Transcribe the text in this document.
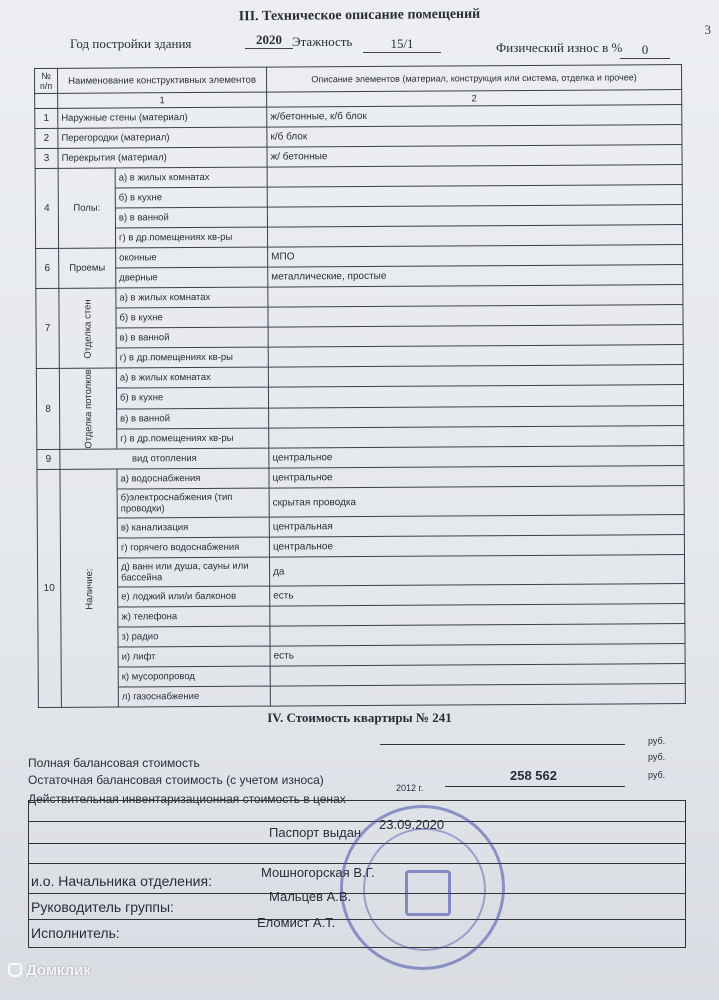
3
III. Техническое описание помещений
Год постройки здания	2020 Этажность	15/1	Физический износ в %	0
№ п/п	Наименование конструктивных элементов		Описание элементов (материал, конструкция или система, отделка и прочее)
	1		2
1	Наружные стены (материал)		ж/бетонные, к/б блок
2	Перегородки (материал)		к/б блок
3	Перекрытия (материал)		ж/ бетонные
4	Полы:	а) в жилых комнатах	
		б) в кухне	
		в) в ванной	
		г) в др.помещениях кв-ры	
6	Проемы	оконные	МПО
		дверные	металлические, простые
7	Отделка стен	а) в жилых комнатах	
		б) в кухне	
		в) в ванной	
		г) в др.помещениях кв-ры	
8	Отделка потолков	а) в жилых комнатах	
		б) в кухне	
		в) в ванной	
		г) в др.помещениях кв-ры	
9	вид отопления		центральное
10	Наличие:	а) водоснабжения	центральное
		б)электроснабжения (тип проводки)	скрытая проводка
		в) канализация	центральная
		г) горячего водоснабжения	центральное
		д) ванн или душа, сауны или бассейна	да
		е) лоджий или/и балконов	есть
		ж) телефона	
		з) радио	
		и) лифт	есть
		к) мусоропровод	
		л) газоснабжение	
IV. Стоимость квартиры № 241
руб.
Полная балансовая стоимость	руб.
Остаточная балансовая стоимость (с учетом износа)	258 562	руб.
Действительная инвентаризационная стоимость в ценах
2012 г.
Паспорт выдан
23.09.2020
и.о. Начальника отделения:
Мошногорская В.Г.
Руководитель группы:
Мальцев А.В.
Исполнитель:
Еломист А.Т.
Домклик
